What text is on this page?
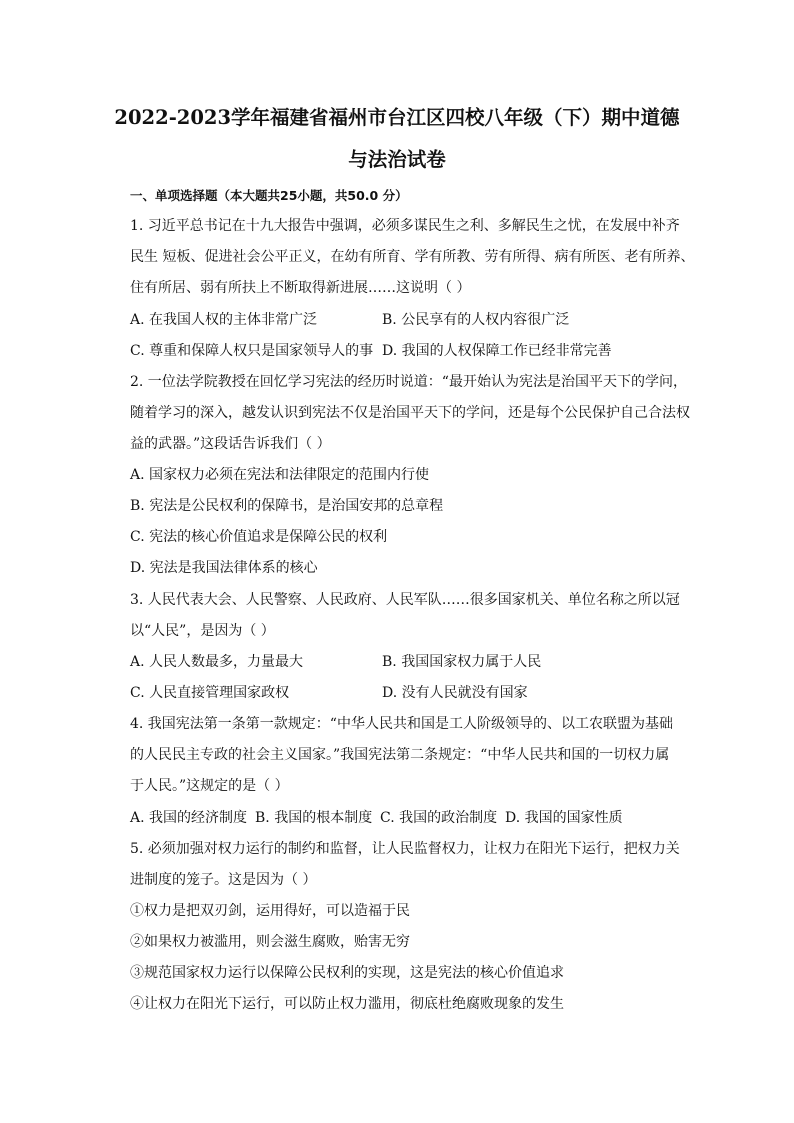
2022-2023学年福建省福州市台江区四校八年级（下）期中道德
与法治试卷
一、单项选择题（本大题共25小题，共50.0 分）
1. 习近平总书记在十九大报告中强调，必须多谋民生之利、多解民生之忧，在发展中补齐
民生 短板、促进社会公平正义，在幼有所育、学有所教、劳有所得、病有所医、老有所养、
住有所居、弱有所扶上不断取得新进展……这说明（ ）
A. 在我国人权的主体非常广泛	B. 公民享有的人权内容很广泛
C. 尊重和保障人权只是国家领导人的事 D. 我国的人权保障工作已经非常完善
2. 一位法学院教授在回忆学习宪法的经历时说道：“最开始认为宪法是治国平天下的学问，
随着学习的深入，越发认识到宪法不仅是治国平天下的学问，还是每个公民保护自己合法权
益的武器。”这段话告诉我们（ ）
A. 国家权力必须在宪法和法律限定的范围内行使
B. 宪法是公民权利的保障书，是治国安邦的总章程
C. 宪法的核心价值追求是保障公民的权利
D. 宪法是我国法律体系的核心
3. 人民代表大会、人民警察、人民政府、人民军队……很多国家机关、单位名称之所以冠
以“人民”，是因为（ ）
A. 人民人数最多，力量最大	B. 我国国家权力属于人民
C. 人民直接管理国家政权	D. 没有人民就没有国家
4. 我国宪法第一条第一款规定：“中华人民共和国是工人阶级领导的、以工农联盟为基础
的人民民主专政的社会主义国家。”我国宪法第二条规定：“中华人民共和国的一切权力属
于人民。”这规定的是（ ）
A. 我国的经济制度 B. 我国的根本制度 C. 我国的政治制度 D. 我国的国家性质
5. 必须加强对权力运行的制约和监督，让人民监督权力，让权力在阳光下运行，把权力关
进制度的笼子。这是因为（ ）
①权力是把双刃剑，运用得好，可以造福于民
②如果权力被滥用，则会滋生腐败，贻害无穷
③规范国家权力运行以保障公民权利的实现，这是宪法的核心价值追求
④让权力在阳光下运行，可以防止权力滥用，彻底杜绝腐败现象的发生
